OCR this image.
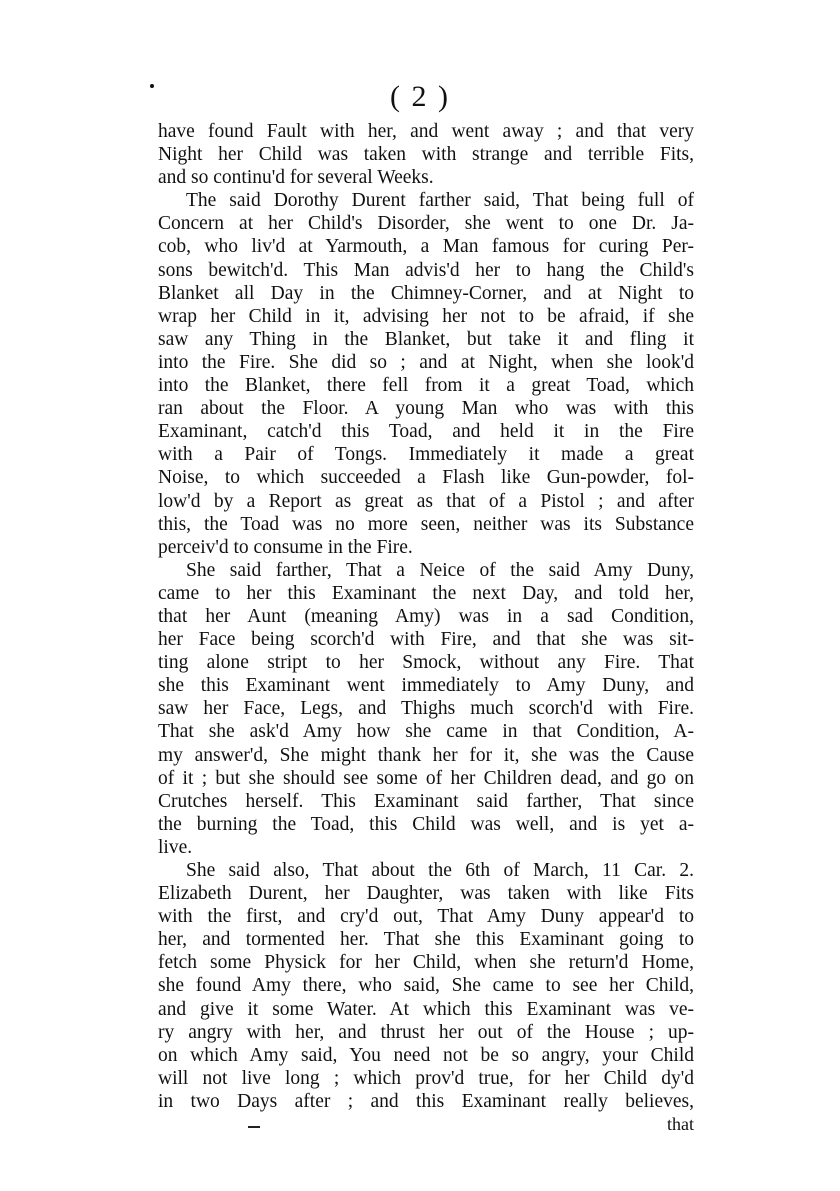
( 2 )
have found Fault with her, and went away ; and that very
Night her Child was taken with strange and terrible Fits,
and so continu'd for several Weeks.
The said Dorothy Durent farther said, That being full of
Concern at her Child's Disorder, she went to one Dr. Ja-
cob, who liv'd at Yarmouth, a Man famous for curing Per-
sons bewitch'd. This Man advis'd her to hang the Child's
Blanket all Day in the Chimney-Corner, and at Night to
wrap her Child in it, advising her not to be afraid, if she
saw any Thing in the Blanket, but take it and fling it
into the Fire. She did so ; and at Night, when she look'd
into the Blanket, there fell from it a great Toad, which
ran about the Floor. A young Man who was with this
Examinant, catch'd this Toad, and held it in the Fire
with a Pair of Tongs. Immediately it made a great
Noise, to which succeeded a Flash like Gun-powder, fol-
low'd by a Report as great as that of a Pistol ; and after
this, the Toad was no more seen, neither was its Substance
perceiv'd to consume in the Fire.
She said farther, That a Neice of the said Amy Duny,
came to her this Examinant the next Day, and told her,
that her Aunt (meaning Amy) was in a sad Condition,
her Face being scorch'd with Fire, and that she was sit-
ting alone stript to her Smock, without any Fire. That
she this Examinant went immediately to Amy Duny, and
saw her Face, Legs, and Thighs much scorch'd with Fire.
That she ask'd Amy how she came in that Condition, A-
my answer'd, She might thank her for it, she was the Cause
of it ; but she should see some of her Children dead, and go on
Crutches herself. This Examinant said farther, That since
the burning the Toad, this Child was well, and is yet a-
live.
She said also, That about the 6th of March, 11 Car. 2.
Elizabeth Durent, her Daughter, was taken with like Fits
with the first, and cry'd out, That Amy Duny appear'd to
her, and tormented her. That she this Examinant going to
fetch some Physick for her Child, when she return'd Home,
she found Amy there, who said, She came to see her Child,
and give it some Water. At which this Examinant was ve-
ry angry with her, and thrust her out of the House ; up-
on which Amy said, You need not be so angry, your Child
will not live long ; which prov'd true, for her Child dy'd
in two Days after ; and this Examinant really believes,
that
